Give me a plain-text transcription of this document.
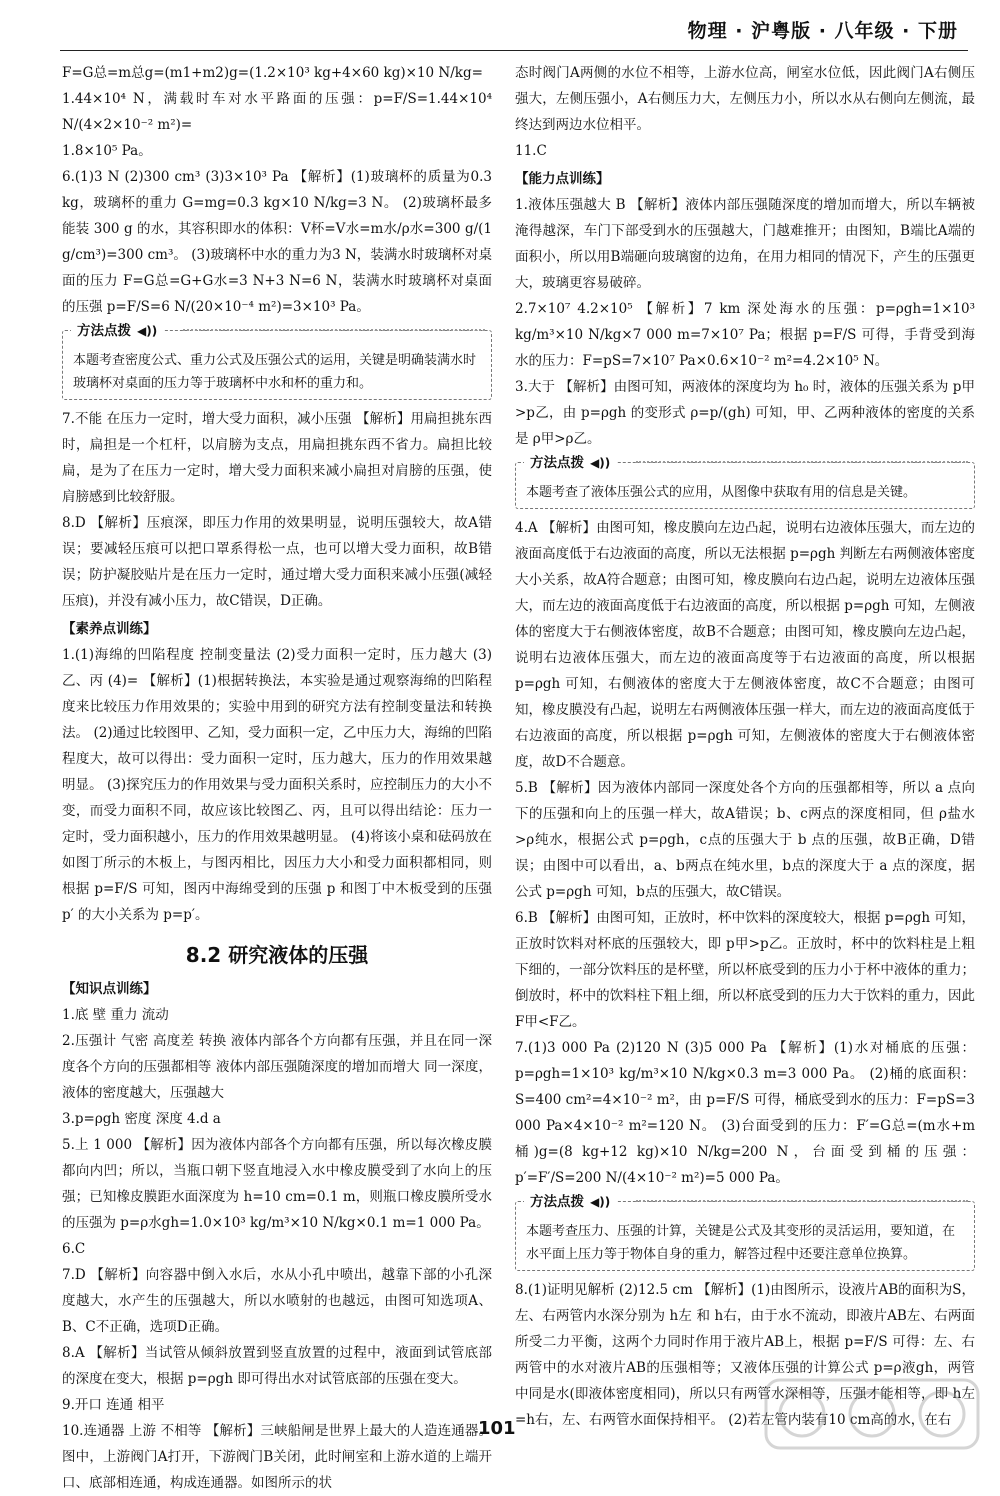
物理 · 沪粤版 · 八年级 · 下册

F=G总=m总g=(m1+m2)g=(1.2×10³ kg+4×60 kg)×10 N/kg=

1.44×10⁴ N，满载时车对水平路面的压强：p=F/S=1.44×10⁴ N/(4×2×10⁻² m²)=

1.8×10⁵ Pa。

6.(1)3 N (2)300 cm³ (3)3×10³ Pa 【解析】(1)玻璃杯的质量为0.3 kg，玻璃杯的重力 G=mg=0.3 kg×10 N/kg=3 N。 (2)玻璃杯最多能装 300 g 的水，其容积即水的体积：V杯=V水=m水/ρ水=300 g/(1 g/cm³)=300 cm³。 (3)玻璃杯中水的重力为3 N，装满水时玻璃杯对桌面的压力 F=G总=G+G水=3 N+3 N=6 N，装满水时玻璃杯对桌面的压强 p=F/S=6 N/(20×10⁻⁴ m²)=3×10³ Pa。

方法点拨 ◀))
本题考查密度公式、重力公式及压强公式的运用，关键是明确装满水时玻璃杯对桌面的压力等于玻璃杯中水和杯的重力和。

7.不能 在压力一定时，增大受力面积，减小压强 【解析】用扁担挑东西时，扁担是一个杠杆，以肩膀为支点，用扁担挑东西不省力。扁担比较扁，是为了在压力一定时，增大受力面积来减小扁担对肩膀的压强，使肩膀感到比较舒服。

8.D 【解析】压痕深，即压力作用的效果明显，说明压强较大，故A错误；要减轻压痕可以把口罩系得松一点，也可以增大受力面积，故B错误；防护凝胶贴片是在压力一定时，通过增大受力面积来减小压强(减轻压痕)，并没有减小压力，故C错误，D正确。

【素养点训练】

1.(1)海绵的凹陷程度 控制变量法 (2)受力面积一定时，压力越大 (3)乙、丙 (4)= 【解析】(1)根据转换法，本实验是通过观察海绵的凹陷程度来比较压力作用效果的；实验中用到的研究方法有控制变量法和转换法。 (2)通过比较图甲、乙知，受力面积一定，乙中压力大，海绵的凹陷程度大，故可以得出：受力面积一定时，压力越大，压力的作用效果越明显。 (3)探究压力的作用效果与受力面积关系时，应控制压力的大小不变，而受力面积不同，故应该比较图乙、丙，且可以得出结论：压力一定时，受力面积越小，压力的作用效果越明显。 (4)将该小桌和砝码放在如图丁所示的木板上，与图丙相比，因压力大小和受力面积都相同，则根据 p=F/S 可知，图丙中海绵受到的压强 p 和图丁中木板受到的压强 p′ 的大小关系为 p=p′。

8.2 研究液体的压强

【知识点训练】

1.底 壁 重力 流动

2.压强计 气密 高度差 转换 液体内部各个方向都有压强，并且在同一深度各个方向的压强都相等 液体内部压强随深度的增加而增大 同一深度，液体的密度越大，压强越大

3.p=ρgh 密度 深度 4.d a

5.上 1 000 【解析】因为液体内部各个方向都有压强，所以每次橡皮膜都向内凹；所以，当瓶口朝下竖直地浸入水中橡皮膜受到了水向上的压强；已知橡皮膜距水面深度为 h=10 cm=0.1 m，则瓶口橡皮膜所受水的压强为 p=ρ水gh=1.0×10³ kg/m³×10 N/kg×0.1 m=1 000 Pa。

6.C

7.D 【解析】向容器中倒入水后，水从小孔中喷出，越靠下部的小孔深度越大，水产生的压强越大，所以水喷射的也越远，由图可知选项A、B、C不正确，选项D正确。

8.A 【解析】当试管从倾斜放置到竖直放置的过程中，液面到试管底部的深度在变大，根据 p=ρgh 即可得出水对试管底部的压强在变大。

9.开口 连通 相平

10.连通器 上游 不相等 【解析】三峡船闸是世界上最大的人造连通器。图中，上游阀门A打开，下游阀门B关闭，此时闸室和上游水道的上端开口、底部相连通，构成连通器。如图所示的状

态时阀门A两侧的水位不相等，上游水位高，闸室水位低，因此阀门A右侧压强大，左侧压强小，A右侧压力大，左侧压力小，所以水从右侧向左侧流，最终达到两边水位相平。

11.C

【能力点训练】

1.液体压强越大 B 【解析】液体内部压强随深度的增加而增大，所以车辆被淹得越深，车门下部受到水的压强越大，门越难推开；由图知，B端比A端的面积小，所以用B端砸向玻璃窗的边角，在用力相同的情况下，产生的压强更大，玻璃更容易破碎。

2.7×10⁷ 4.2×10⁵ 【解析】7 km 深处海水的压强：p=ρgh=1×10³ kg/m³×10 N/kg×7 000 m=7×10⁷ Pa；根据 p=F/S 可得，手背受到海水的压力：F=pS=7×10⁷ Pa×0.6×10⁻² m²=4.2×10⁵ N。

3.大于 【解析】由图可知，两液体的深度均为 h₀ 时，液体的压强关系为 p甲>p乙，由 p=ρgh 的变形式 ρ=p/(gh) 可知，甲、乙两种液体的密度的关系是 ρ甲>ρ乙。

方法点拨 ◀))
本题考查了液体压强公式的应用，从图像中获取有用的信息是关键。

4.A 【解析】由图可知，橡皮膜向左边凸起，说明右边液体压强大，而左边的液面高度低于右边液面的高度，所以无法根据 p=ρgh 判断左右两侧液体密度大小关系，故A符合题意；由图可知，橡皮膜向右边凸起，说明左边液体压强大，而左边的液面高度低于右边液面的高度，所以根据 p=ρgh 可知，左侧液体的密度大于右侧液体密度，故B不合题意；由图可知，橡皮膜向左边凸起，说明右边液体压强大，而左边的液面高度等于右边液面的高度，所以根据 p=ρgh 可知，右侧液体的密度大于左侧液体密度，故C不合题意；由图可知，橡皮膜没有凸起，说明左右两侧液体压强一样大，而左边的液面高度低于右边液面的高度，所以根据 p=ρgh 可知，左侧液体的密度大于右侧液体密度，故D不合题意。

5.B 【解析】因为液体内部同一深度处各个方向的压强都相等，所以 a 点向下的压强和向上的压强一样大，故A错误；b、c两点的深度相同，但 ρ盐水>ρ纯水，根据公式 p=ρgh，c点的压强大于 b 点的压强，故B正确，D错误；由图中可以看出，a、b两点在纯水里，b点的深度大于 a 点的深度，据公式 p=ρgh 可知，b点的压强大，故C错误。

6.B 【解析】由图可知，正放时，杯中饮料的深度较大，根据 p=ρgh 可知，正放时饮料对杯底的压强较大，即 p甲>p乙。正放时，杯中的饮料柱是上粗下细的，一部分饮料压的是杯壁，所以杯底受到的压力小于杯中液体的重力；倒放时，杯中的饮料柱下粗上细，所以杯底受到的压力大于饮料的重力，因此 F甲<F乙。

7.(1)3 000 Pa (2)120 N (3)5 000 Pa 【解析】(1)水对桶底的压强：p=ρgh=1×10³ kg/m³×10 N/kg×0.3 m=3 000 Pa。 (2)桶的底面积：S=400 cm²=4×10⁻² m²，由 p=F/S 可得，桶底受到水的压力：F=pS=3 000 Pa×4×10⁻² m²=120 N。 (3)台面受到的压力：F′=G总=(m水+m桶)g=(8 kg+12 kg)×10 N/kg=200 N，台面受到桶的压强：p′=F′/S=200 N/(4×10⁻² m²)=5 000 Pa。

方法点拨 ◀))
本题考查压力、压强的计算，关键是公式及其变形的灵活运用，要知道，在水平面上压力等于物体自身的重力，解答过程中还要注意单位换算。

8.(1)证明见解析 (2)12.5 cm 【解析】(1)由图所示，设液片AB的面积为S，左、右两管内水深分别为 h左 和 h右，由于水不流动，即液片AB左、右两面所受二力平衡，这两个力同时作用于液片AB上，根据 p=F/S 可得：左、右两管中的水对液片AB的压强相等；又液体压强的计算公式 p=ρ液gh，两管中同是水(即液体密度相同)，所以只有两管水深相等，压强才能相等，即 h左=h右，左、右两管水面保持相平。 (2)若左管内装有10 cm高的水，在右

101
